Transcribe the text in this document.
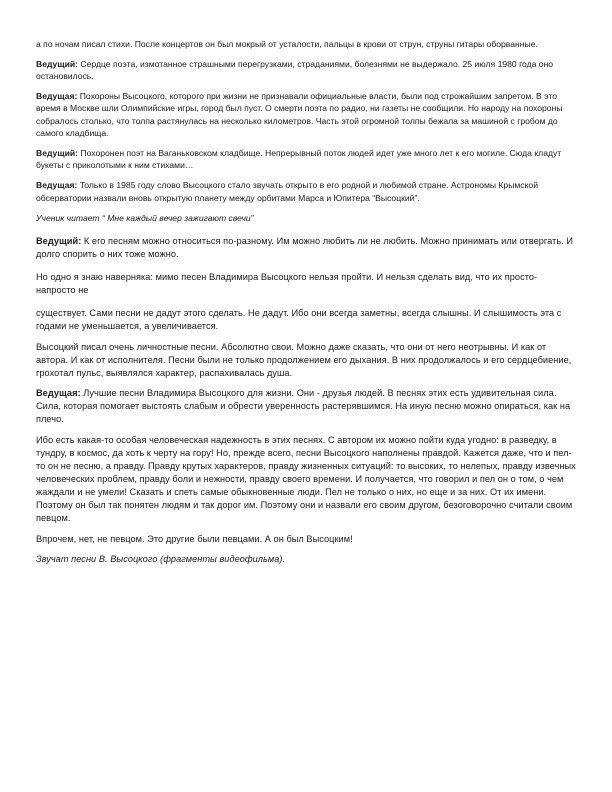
а по ночам писал стихи. После концертов он был мокрый от усталости, пальцы в крови от струн, струны гитары оборванные.

Ведущий: Сердце поэта, измотанное страшными перегрузками, страданиями, болезнями не выдержало. 25 июля 1980 года оно остановилось.

Ведущая: Похороны Высоцкого, которого при жизни не признавали официальные власти, были под строжайшим запретом. В это время в Москве шли Олимпийские игры, город был пуст. О смерти поэта по радио, ни газеты не сообщили. Но народу на похороны собралось столько, что толпа растянулась на несколько километров. Часть этой огромной толпы бежала за машиной с гробом до самого кладбища.

Ведущий: Похоронен поэт на Ваганьковском кладбище. Непрерывный поток людей идет уже много лет к его могиле. Сюда кладут букеты с приколотыми к ним стихами…

Ведущая: Только в 1985 году слово Высоцкого стало звучать открыто в его родной и любимой стране. Астрономы Крымской обсерватории назвали вновь открытую планету между орбитами Марса и Юпитера “Высоцкий”.

Ученик читает “ Мне каждый вечер зажигают свечи”

Ведущий: К его песням можно относиться по-разному. Им можно любить ли не любить. Можно принимать или отвергать. И долго спорить о них тоже можно.

Но одно я знаю наверняка: мимо песен Владимира Высоцкого нельзя пройти. И нельзя сделать вид, что их просто-напросто не

существует. Сами песни не дадут этого сделать. Не дадут. Ибо они всегда заметны, всегда слышны. И слышимость эта с годами не уменьшается, а увеличивается.

Высоцкий писал очень личностные песни. Абсолютно свои. Можно даже сказать, что они от него неотрывны. И как от автора. И как от исполнителя. Песни были не только продолжением его дыхания. В них продолжалось и его сердцебиение, грохотал пульс, выявлялся характер, распахивалась душа.

Ведущая: Лучшие песни Владимира Высоцкого для жизни. Они - друзья людей. В песнях этих есть удивительная сила. Сила, которая помогает выстоять слабым и обрести уверенность растерявшимся. На иную песню можно опираться, как на плечо.

Ибо есть какая-то особая человеческая надежность в этих песнях. С автором их можно пойти куда угодно: в разведку, в тундру, в космос, да хоть к черту на гору! Но, прежде всего, песни Высоцкого наполнены правдой. Кажется даже, что и пел-то он не песню, а правду. Правду крутых характеров, правду жизненных ситуаций: то высоких, то нелепых, правду извечных человеческих проблем, правду боли и нежности, правду своего времени. И получается, что говорил и пел он о том, о чем жаждали и не умели! Сказать и спеть самые обыкновенные люди. Пел не только о них, но еще и за них. От их имени. Поэтому он был так понятен людям и так дорог им. Поэтому они и назвали его своим другом, безоговорочно считали своим певцом.

Впрочем, нет, не певцом. Это другие были певцами. А он был Высоцким!

Звучат песни В. Высоцкого (фрагменты видеофильма).
